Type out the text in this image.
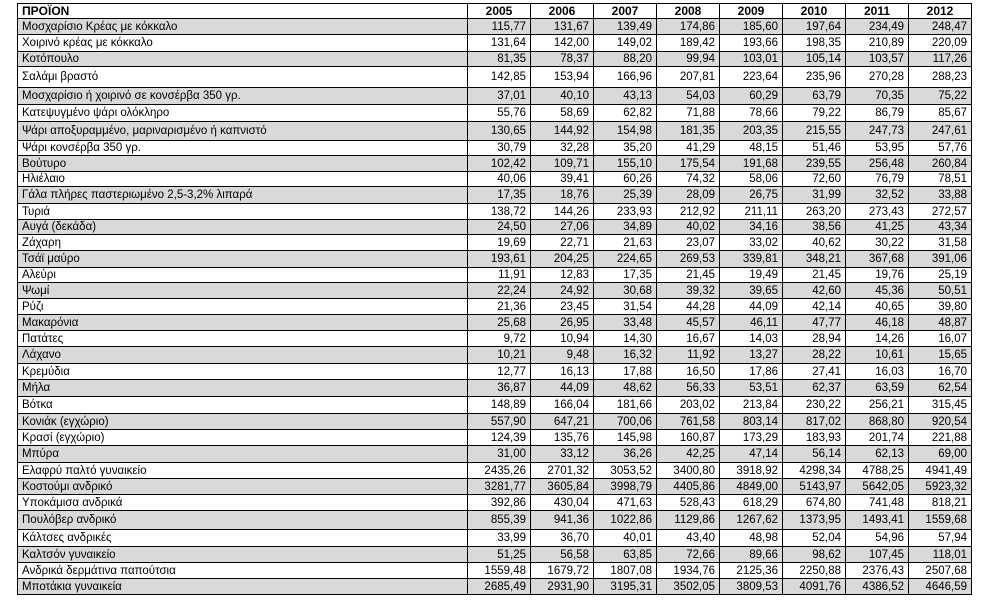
ΠΡΟΪΟΝ	2005	2006	2007	2008	2009	2010	2011	2012
Μοσχαρίσιο Κρέας με κόκκαλο	115,77	131,67	139,49	174,86	185,60	197,64	234,49	248,47
Χοιρινό κρέας με κόκκαλο	131,64	142,00	149,02	189,42	193,66	198,35	210,89	220,09
Κοτόπουλο	81,35	78,37	88,20	99,94	103,01	105,14	103,57	117,26
Σαλάμι βραστό	142,85	153,94	166,96	207,81	223,64	235,96	270,28	288,23
Μοσχαρίσιο ή χοιρινό σε κονσέρβα 350 γρ.	37,01	40,10	43,13	54,03	60,29	63,79	70,35	75,22
Κατεψυγμένο ψάρι ολόκληρο	55,76	58,69	62,82	71,88	78,66	79,22	86,79	85,67
Ψάρι αποξυραμμένο, μαριναρισμένο ή καπνιστό	130,65	144,92	154,98	181,35	203,35	215,55	247,73	247,61
Ψάρι κονσέρβα 350 γρ.	30,79	32,28	35,20	41,29	48,15	51,46	53,95	57,76
Βούτυρο	102,42	109,71	155,10	175,54	191,68	239,55	256,48	260,84
Ηλιέλαιο	40,06	39,41	60,26	74,32	58,06	72,60	76,79	78,51
Γάλα πλήρες παστεριωμένο 2,5-3,2% λιπαρά	17,35	18,76	25,39	28,09	26,75	31,99	32,52	33,88
Τυριά	138,72	144,26	233,93	212,92	211,11	263,20	273,43	272,57
Αυγά (δεκάδα)	24,50	27,06	34,89	40,02	34,16	38,56	41,25	43,34
Ζάχαρη	19,69	22,71	21,63	23,07	33,02	40,62	30,22	31,58
Τσάϊ μαύρο	193,61	204,25	224,65	269,53	339,81	348,21	367,68	391,06
Αλεύρι	11,91	12,83	17,35	21,45	19,49	21,45	19,76	25,19
Ψωμί	22,24	24,92	30,68	39,32	39,65	42,60	45,36	50,51
Ρύζι	21,36	23,45	31,54	44,28	44,09	42,14	40,65	39,80
Μακαρόνια	25,68	26,95	33,48	45,57	46,11	47,77	46,18	48,87
Πατάτες	9,72	10,94	14,30	16,67	14,03	28,94	14,26	16,07
Λάχανο	10,21	9,48	16,32	11,92	13,27	28,22	10,61	15,65
Κρεμύδια	12,77	16,13	17,88	16,50	17,86	27,41	16,03	16,70
Μήλα	36,87	44,09	48,62	56,33	53,51	62,37	63,59	62,54
Βότκα	148,89	166,04	181,66	203,02	213,84	230,22	256,21	315,45
Κονιάκ (εγχώριο)	557,90	647,21	700,06	761,58	803,14	817,02	868,80	920,54
Κρασί (εγχώριο)	124,39	135,76	145,98	160,87	173,29	183,93	201,74	221,88
Μπύρα	31,00	33,12	36,26	42,25	47,14	56,14	62,13	69,00
Ελαφρύ παλτό γυναικείο	2435,26	2701,32	3053,52	3400,80	3918,92	4298,34	4788,25	4941,49
Κοστούμι ανδρικό	3281,77	3605,84	3998,79	4405,86	4849,00	5143,97	5642,05	5923,32
Υποκάμισα ανδρικά	392,86	430,04	471,63	528,43	618,29	674,80	741,48	818,21
Πουλόβερ ανδρικό	855,39	941,36	1022,86	1129,86	1267,62	1373,95	1493,41	1559,68
Κάλτσες ανδρικές	33,99	36,70	40,01	43,40	48,98	52,04	54,96	57,94
Καλτσόν γυναικείο	51,25	56,58	63,85	72,66	89,66	98,62	107,45	118,01
Ανδρικά δερμάτινα παπούτσια	1559,48	1679,72	1807,08	1934,76	2125,36	2250,88	2376,43	2507,68
Μποτάκια γυναικεία	2685,49	2931,90	3195,31	3502,05	3809,53	4091,76	4386,52	4646,59
